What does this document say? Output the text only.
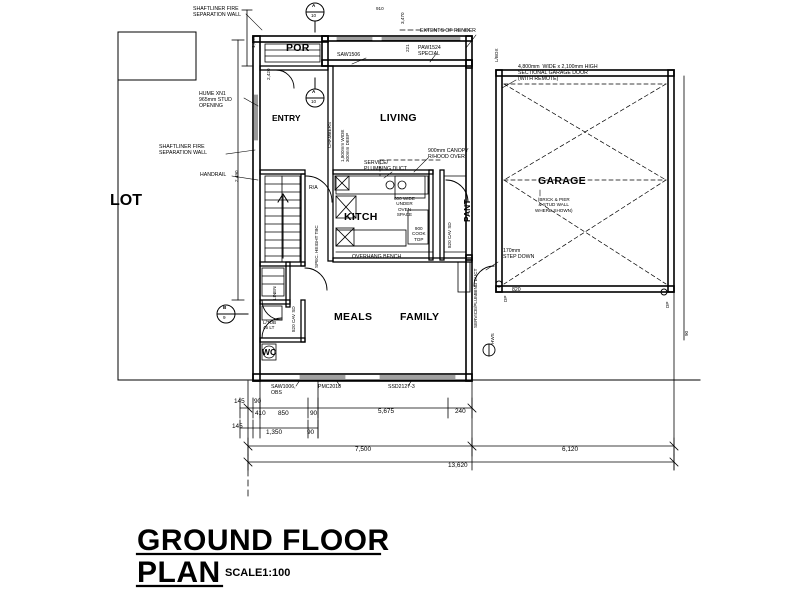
POR
ENTRY	LIVING
GARAGE
KITCH
MEALS	FAMILY
PANT
WC
LOT
SHAFTLINER FIRE
SEPARATION WALL
HUME XN1
965mm STUD
OPENING
SHAFTLINER FIRE
SEPARATION WALL
HANDRAIL
EXTENTS OF RENDER
PAW1524
SPECIAL
SAW1506
4,800mm  WIDE x 2,100mm HIGH
SECTIONAL GARAGE DOOR
(WITH REMOTE)
(BRICK & PIER
& STUD WALL
WHERE SHOWN)
900mm CANOPY
R/HOOD OVER
SERVICE/
PLUMBING DUCT
OVERHANG BENCH
170mm
STEP DOWN
R/A
820
SAW1006,
OBS
PMC2018	SSD2127-3
600 WIDE
UNDER
OVEN
SPACE
900
COOK
TOP
LINEN
L/TUB
45 LT
SPEC. HEIGHT TBC	820 CAV SD
820 CAV SD
CHAMBERS 1,800mm WIDE
300mm DEEP
SERVICE/PLUMBING DUCT
L/BOX
HWS
DP
DP
2,490
1,446
2,420
3,470
221
910
90
A
10
A
10
B
9
145 90
410 850	90	5,675	240
145
1,350	90
7,500	6,120
13,620
GROUND FLOOR
PLAN SCALE1:100
